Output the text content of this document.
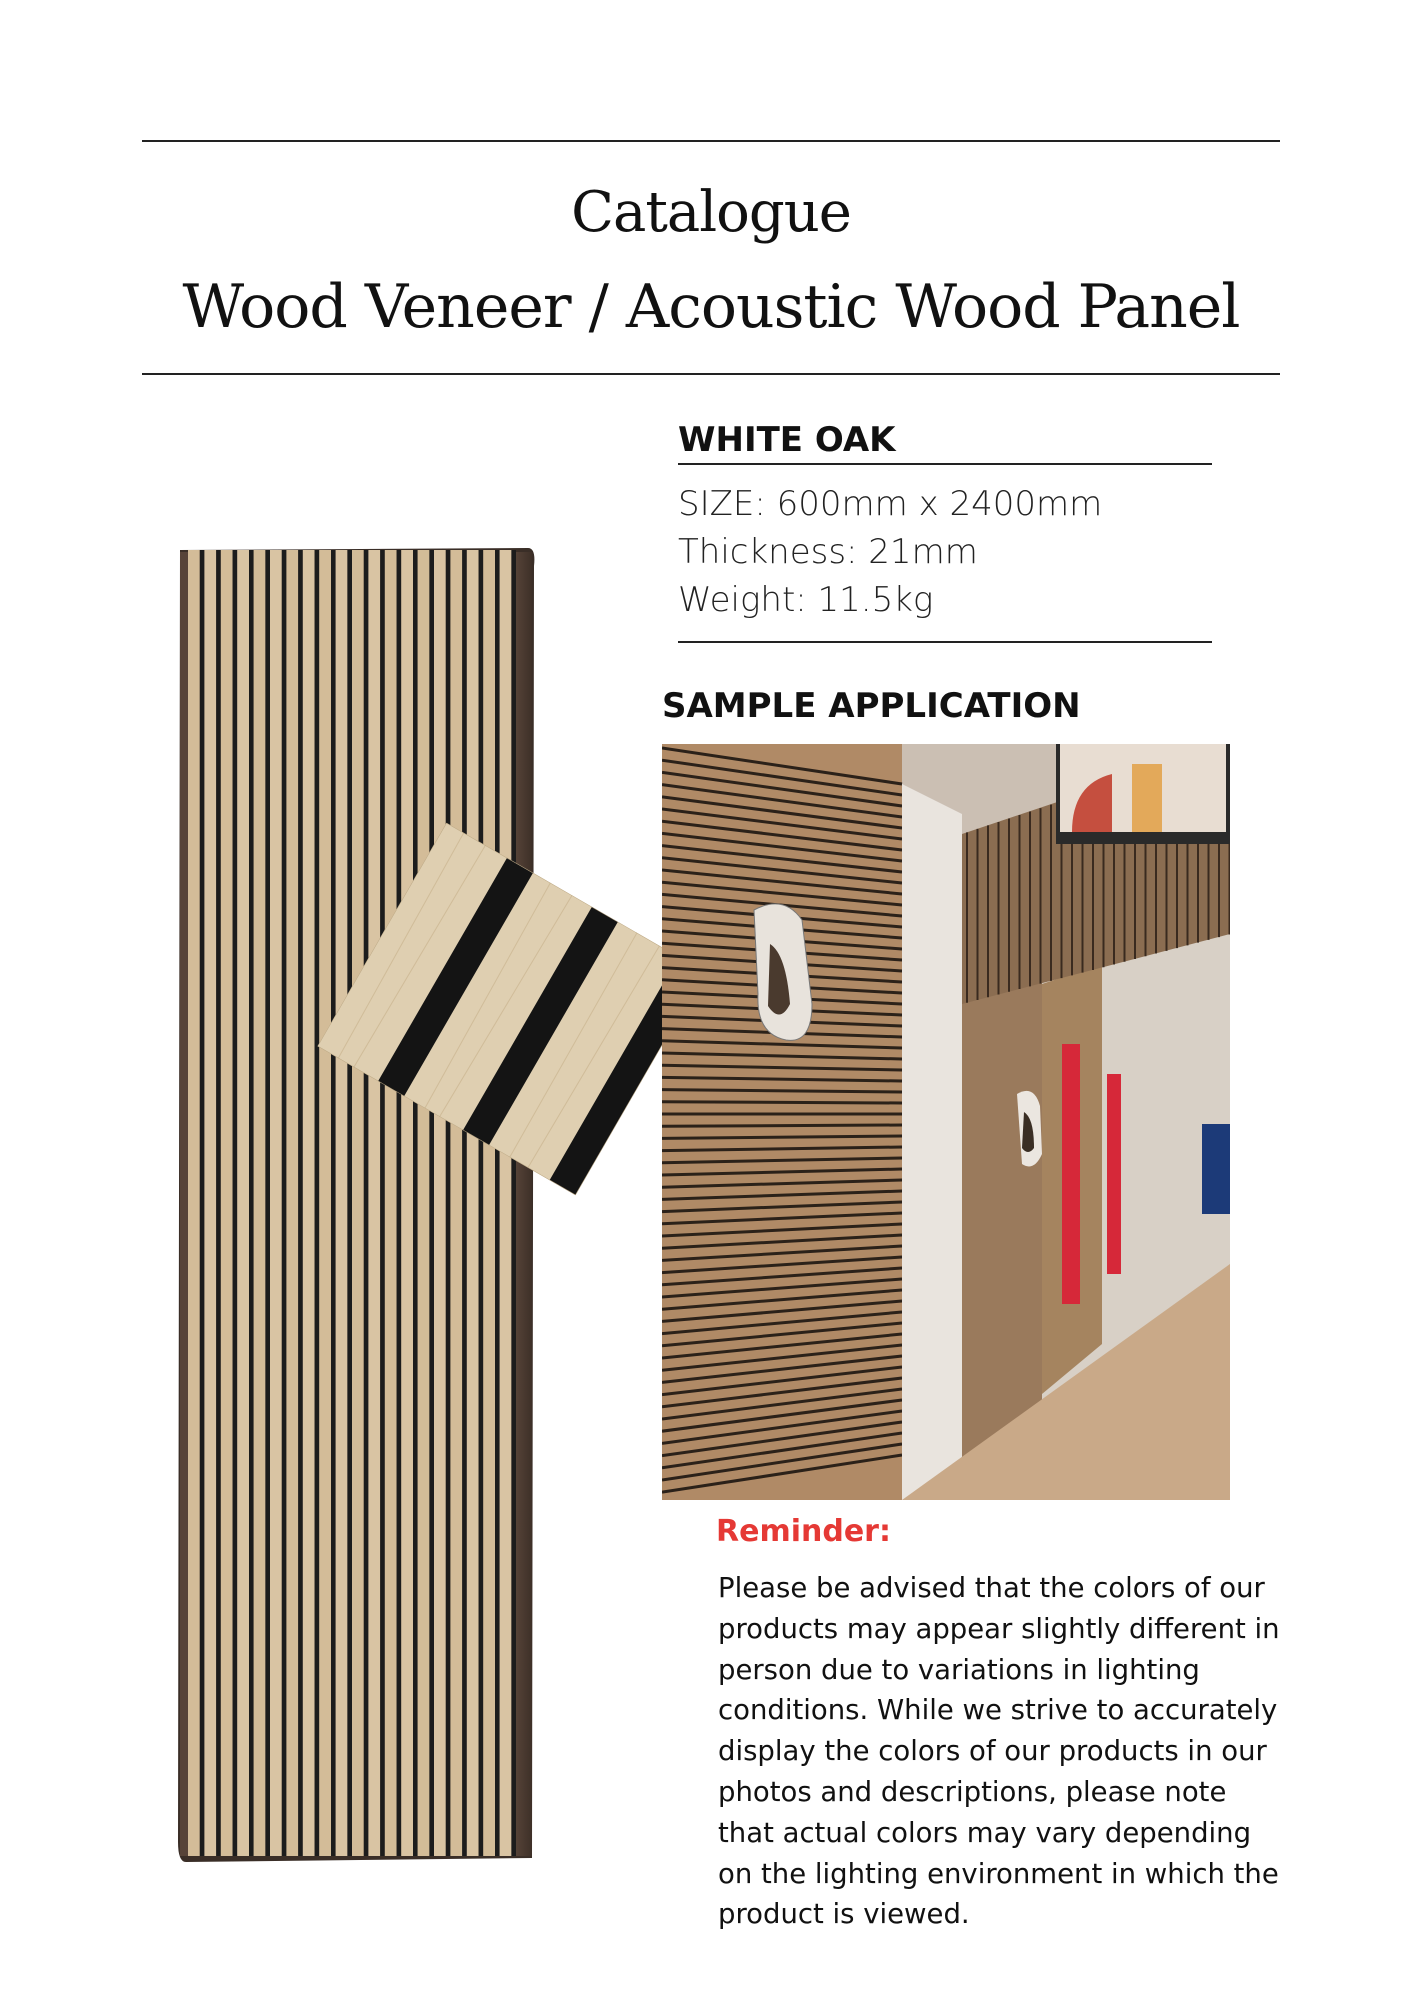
Catalogue
Wood Veneer / Acoustic Wood Panel
WHITE OAK
SIZE: 600mm x 2400mm
Thickness: 21mm
Weight: 11.5kg
SAMPLE APPLICATION
Reminder:
Please be advised that the colors of our products may appear slightly different in person due to variations in lighting conditions. While we strive to accurately display the colors of our products in our photos and descriptions, please note that actual colors may vary depending on the lighting environment in which the product is viewed.
